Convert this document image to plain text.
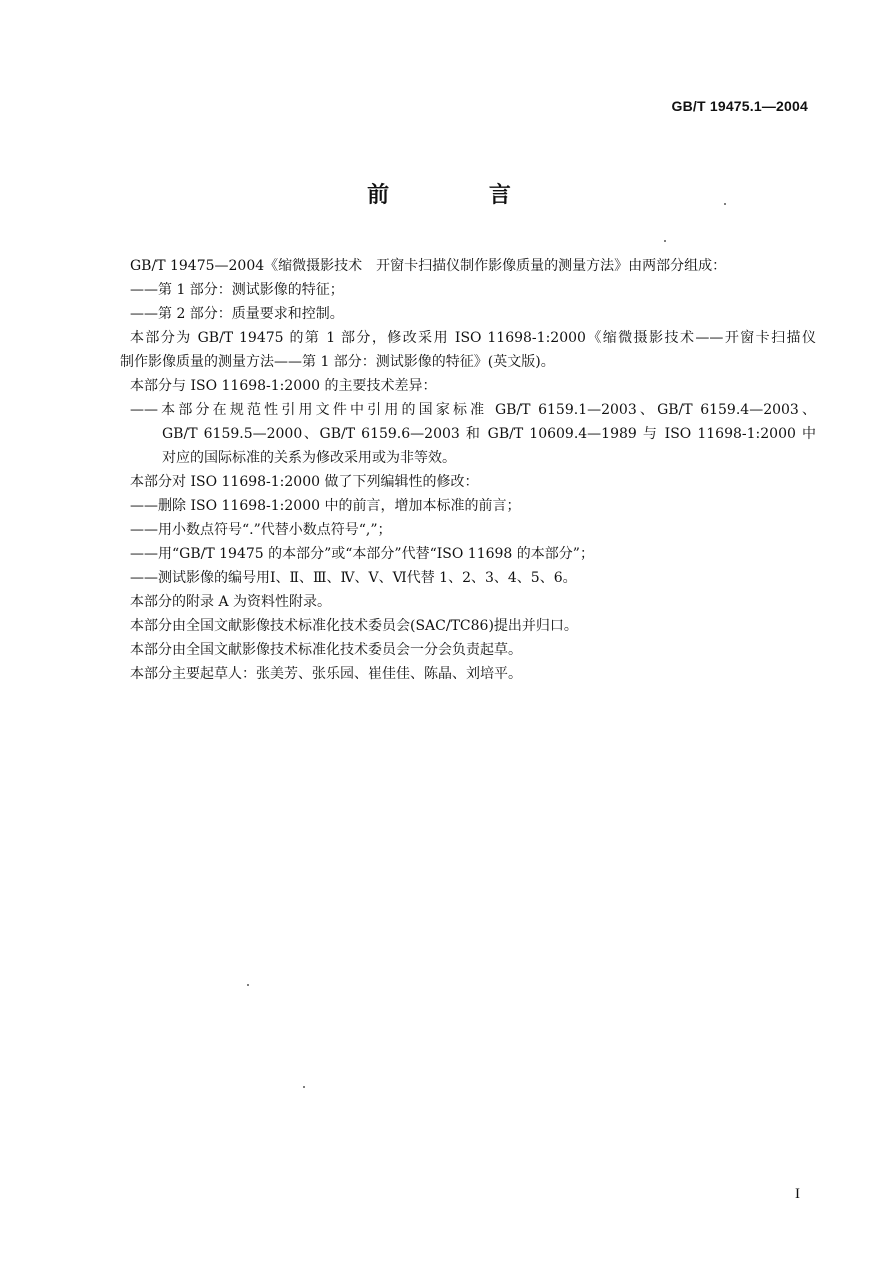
GB/T 19475.1—2004
前 言

GB/T 19475—2004《缩微摄影技术　开窗卡扫描仪制作影像质量的测量方法》由两部分组成：

——第 1 部分：测试影像的特征；

——第 2 部分：质量要求和控制。

本部分为 GB/T 19475 的第 1 部分，修改采用 ISO 11698-1:2000《缩微摄影技术——开窗卡扫描仪

制作影像质量的测量方法——第 1 部分：测试影像的特征》(英文版)。

本部分与 ISO 11698-1:2000 的主要技术差异：

——本部分在规范性引用文件中引用的国家标准 GB/T 6159.1—2003、GB/T 6159.4—2003、

GB/T 6159.5—2000、GB/T 6159.6—2003 和 GB/T 10609.4—1989 与 ISO 11698-1:2000 中

对应的国际标准的关系为修改采用或为非等效。

本部分对 ISO 11698-1:2000 做了下列编辑性的修改：

——删除 ISO 11698-1:2000 中的前言，增加本标准的前言；

——用小数点符号“.”代替小数点符号“,”；

——用“GB/T 19475 的本部分”或“本部分”代替“ISO 11698 的本部分”；

——测试影像的编号用Ⅰ、Ⅱ、Ⅲ、Ⅳ、Ⅴ、Ⅵ代替 1、2、3、4、5、6。

本部分的附录 A 为资料性附录。

本部分由全国文献影像技术标准化技术委员会(SAC/TC86)提出并归口。

本部分由全国文献影像技术标准化技术委员会一分会负责起草。

本部分主要起草人：张美芳、张乐园、崔佳佳、陈晶、刘培平。

I
